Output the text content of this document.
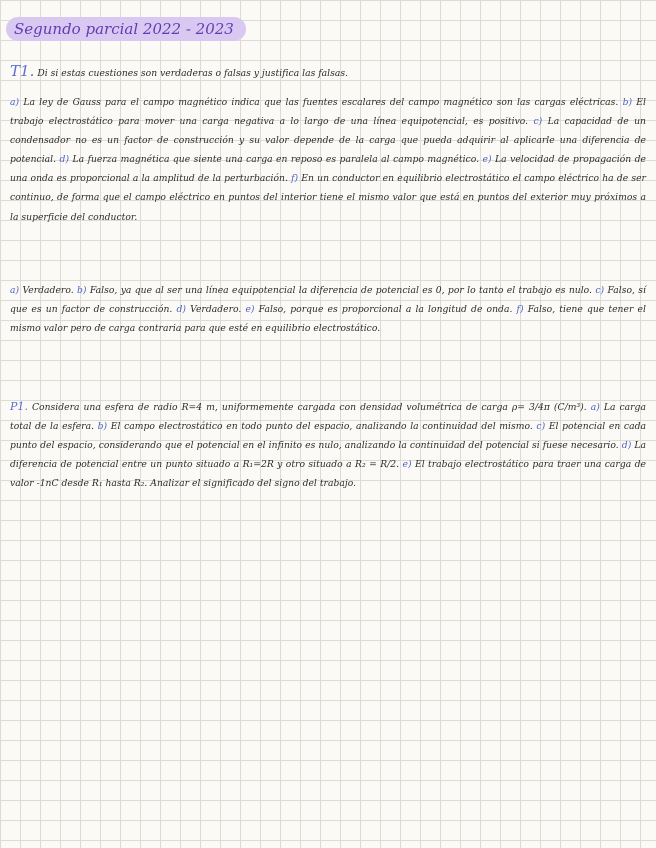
Segundo parcial 2022 - 2023
T1. Di si estas cuestiones son verdaderas o falsas y justifica las falsas.
a) La ley de Gauss para el campo magnético indica que las fuentes escalares del campo magnético son las cargas eléctricas. b) El trabajo electrostático para mover una carga negativa a lo largo de una línea equipotencial, es positivo. c) La capacidad de un condensador no es un factor de construcción y su valor depende de la carga que pueda adquirir al aplicarle una diferencia de potencial. d) La fuerza magnética que siente una carga en reposo es paralela al campo magnético. e) La velocidad de propagación de una onda es proporcional a la amplitud de la perturbación. f) En un conductor en equilibrio electrostático el campo eléctrico ha de ser continuo, de forma que el campo eléctrico en puntos del interior tiene el mismo valor que está en puntos del exterior muy próximos a la superficie del conductor.
a) Verdadero. b) Falso, ya que al ser una línea equipotencial la diferencia de potencial es 0, por lo tanto el trabajo es nulo. c) Falso, sí que es un factor de construcción. d) Verdadero. e) Falso, porque es proporcional a la longitud de onda. f) Falso, tiene que tener el mismo valor pero de carga contraria para que esté en equilibrio electrostático.
P1. Considera una esfera de radio R=4 m, uniformemente cargada con densidad volumétrica de carga ρ= 3/4π (C/m³). a) La carga total de la esfera. b) El campo electrostático en todo punto del espacio, analizando la continuidad del mismo. c) El potencial en cada punto del espacio, considerando que el potencial en el infinito es nulo, analizando la continuidad del potencial si fuese necesario. d) La diferencia de potencial entre un punto situado a R₁=2R y otro situado a R₂ = R/2. e) El trabajo electrostático para traer una carga de valor -1nC desde R₁ hasta R₂. Analizar el significado del signo del trabajo.
